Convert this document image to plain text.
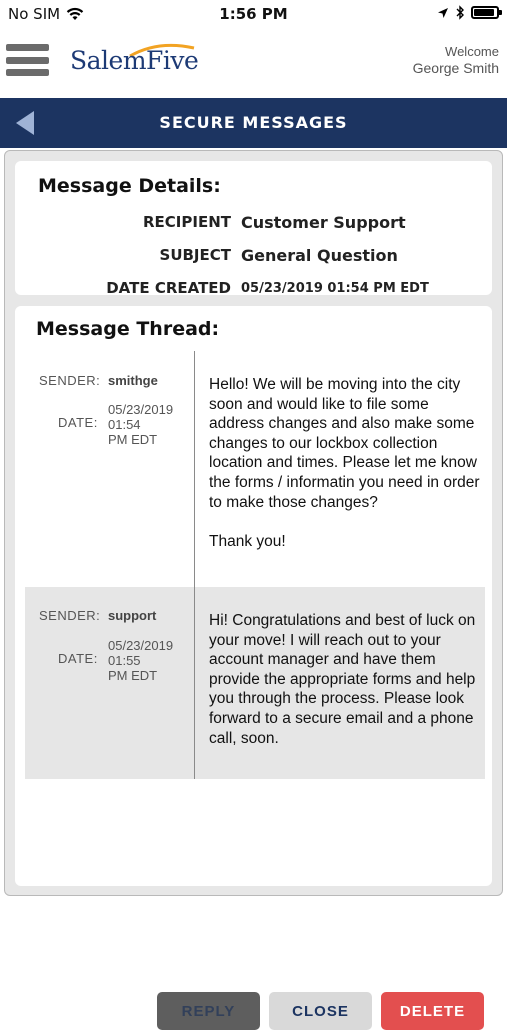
No SIM	1:56 PM
SalemFive	Welcome
George Smith
SECURE MESSAGES
Message Details:
RECIPIENT Customer Support
SUBJECT General Question
DATE CREATED 05/23/2019 01:54 PM EDT
Message Thread:
SENDER: smithge
DATE:
05/23/2019
01:54
PM EDT
Hello! We will be moving into the city soon and would like to file some address changes and also make some changes to our lockbox collection location and times. Please let me know the forms / informatin you need in order to make those changes?

Thank you!
SENDER: support
DATE:
05/23/2019
01:55
PM EDT
Hi! Congratulations and best of luck on your move! I will reach out to your account manager and have them provide the appropriate forms and help you through the process. Please look forward to a secure email and a phone call, soon.
REPLY	CLOSE	DELETE
